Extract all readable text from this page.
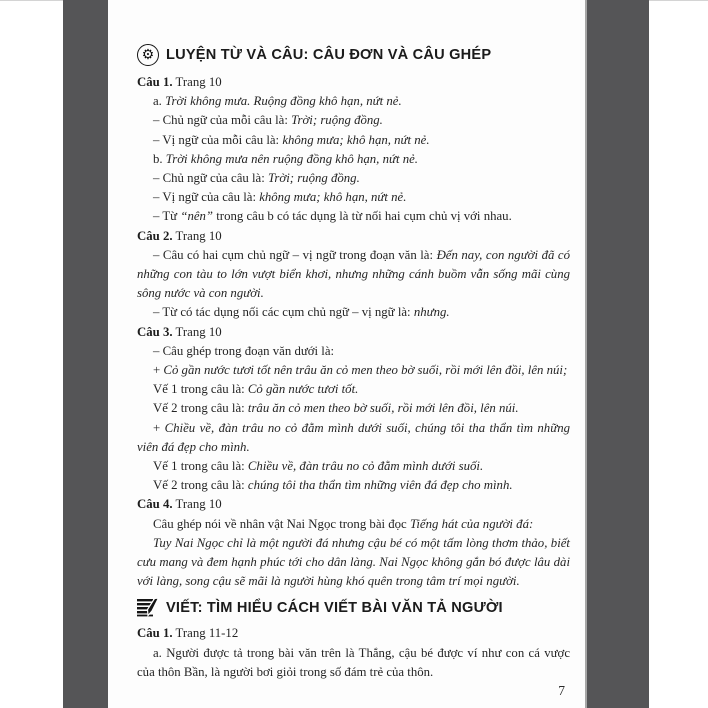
⚙ LUYỆN TỪ VÀ CÂU: CÂU ĐƠN VÀ CÂU GHÉP

Câu 1. Trang 10

a. Trời không mưa. Ruộng đồng khô hạn, nứt nẻ.

– Chủ ngữ của mỗi câu là: Trời; ruộng đồng.

– Vị ngữ của mỗi câu là: không mưa; khô hạn, nứt nẻ.

b. Trời không mưa nên ruộng đồng khô hạn, nứt nẻ.

– Chủ ngữ của câu là: Trời; ruộng đồng.

– Vị ngữ của câu là: không mưa; khô hạn, nứt nẻ.

– Từ “nên” trong câu b có tác dụng là từ nối hai cụm chủ vị với nhau.

Câu 2. Trang 10

– Câu có hai cụm chủ ngữ – vị ngữ trong đoạn văn là: Đến nay, con người đã có những con tàu to lớn vượt biển khơi, nhưng những cánh buồm vẫn sống mãi cùng sông nước và con người.

– Từ có tác dụng nối các cụm chủ ngữ – vị ngữ là: nhưng.

Câu 3. Trang 10

– Câu ghép trong đoạn văn dưới là:

+ Cỏ gần nước tươi tốt nên trâu ăn cỏ men theo bờ suối, rồi mới lên đồi, lên núi;

Vế 1 trong câu là: Cỏ gần nước tươi tốt.

Vế 2 trong câu là: trâu ăn cỏ men theo bờ suối, rồi mới lên đồi, lên núi.

+ Chiều về, đàn trâu no cỏ đằm mình dưới suối, chúng tôi tha thẩn tìm những viên đá đẹp cho mình.

Vế 1 trong câu là: Chiều về, đàn trâu no cỏ đằm mình dưới suối.

Vế 2 trong câu là: chúng tôi tha thẩn tìm những viên đá đẹp cho mình.

Câu 4. Trang 10

Câu ghép nói về nhân vật Nai Ngọc trong bài đọc Tiếng hát của người đá:

Tuy Nai Ngọc chỉ là một người đá nhưng cậu bé có một tấm lòng thơm thảo, biết cưu mang và đem hạnh phúc tới cho dân làng. Nai Ngọc không gắn bó được lâu dài với làng, song cậu sẽ mãi là người hùng khó quên trong tâm trí mọi người.

VIẾT: TÌM HIỂU CÁCH VIẾT BÀI VĂN TẢ NGƯỜI

Câu 1. Trang 11-12

a. Người được tả trong bài văn trên là Thắng, cậu bé được ví như con cá vược của thôn Bần, là người bơi giỏi trong số đám trẻ của thôn.

7
